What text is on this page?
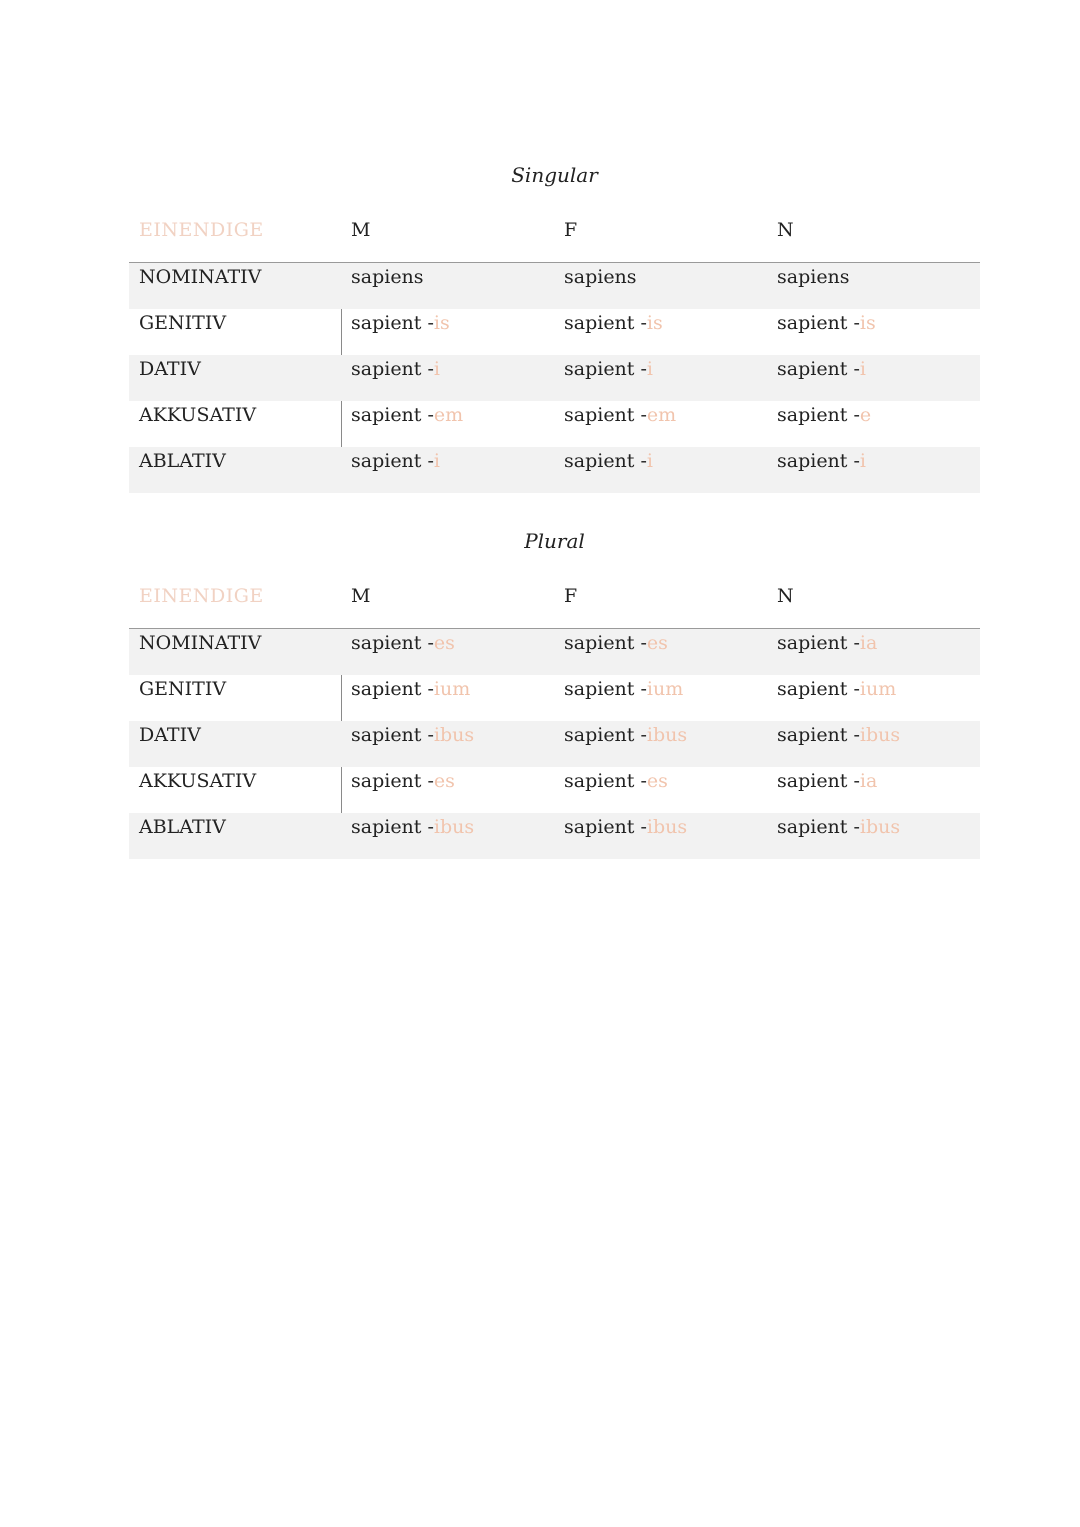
Singular
EINENDIGE	M	F	N
NOMINATIV	sapiens	sapiens	sapiens
GENITIV	sapient -is	sapient -is	sapient -is
DATIV	sapient -i	sapient -i	sapient -i
AKKUSATIV	sapient -em	sapient -em	sapient -e
ABLATIV	sapient -i	sapient -i	sapient -i
Plural
EINENDIGE	M	F	N
NOMINATIV	sapient -es	sapient -es	sapient -ia
GENITIV	sapient -ium	sapient -ium	sapient -ium
DATIV	sapient -ibus	sapient -ibus	sapient -ibus
AKKUSATIV	sapient -es	sapient -es	sapient -ia
ABLATIV	sapient -ibus	sapient -ibus	sapient -ibus
